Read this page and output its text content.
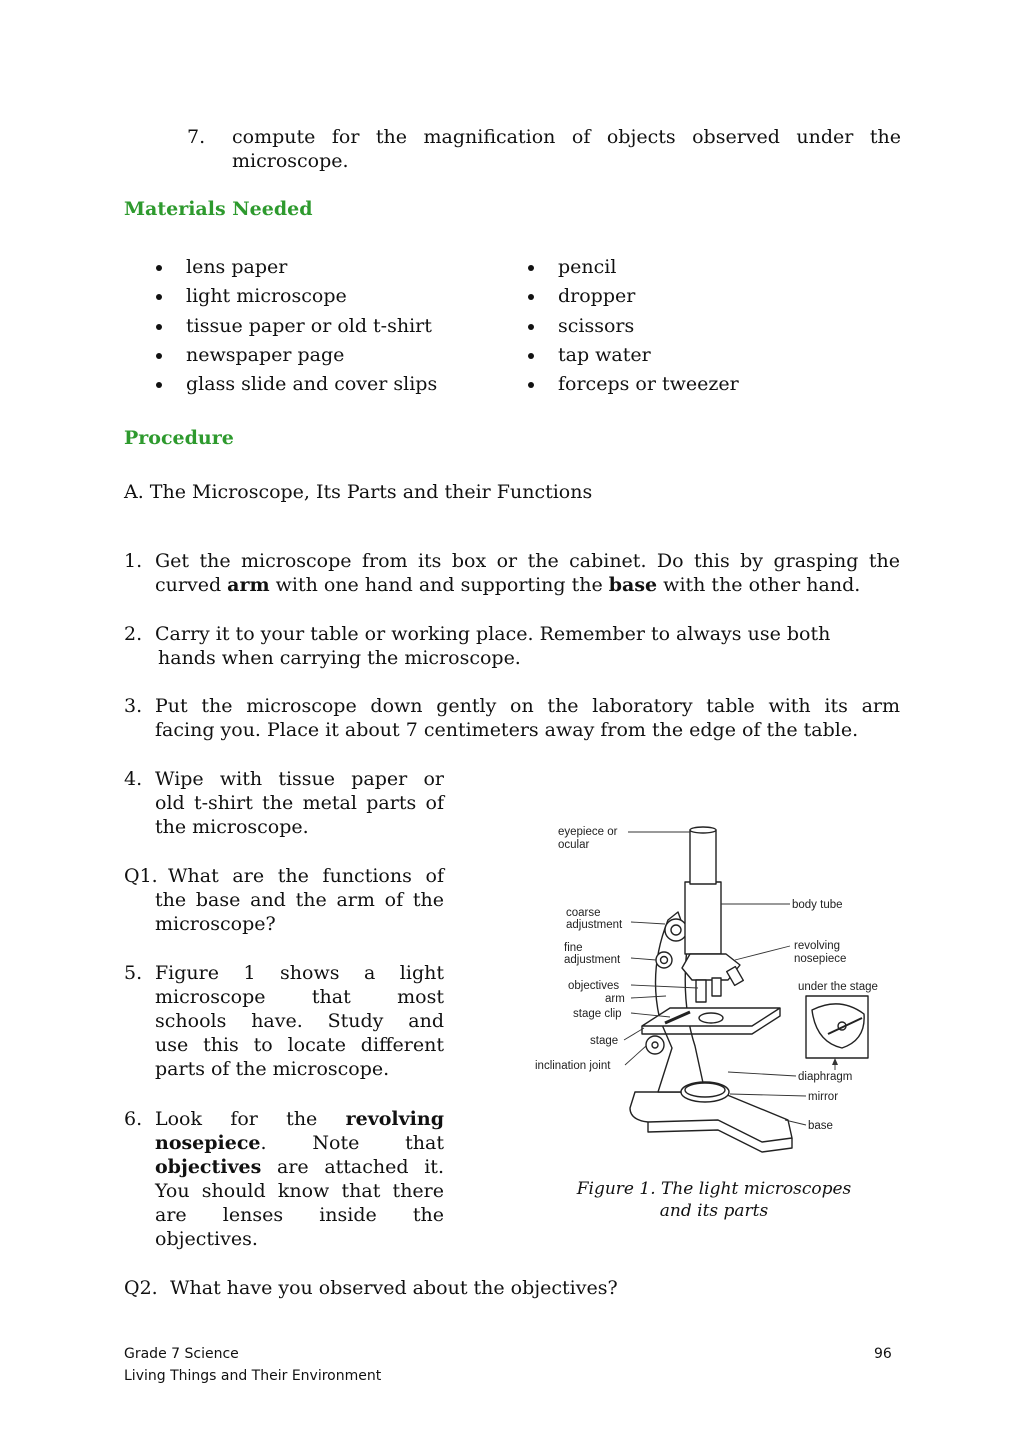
7. compute for the magnification of objects observed under the
microscope.
Materials Needed
lens paper
light microscope
tissue paper or old t-shirt
newspaper page
glass slide and cover slips
pencil
dropper
scissors
tap water
forceps or tweezer
Procedure
A. The Microscope, Its Parts and their Functions
1. Get the microscope from its box or the cabinet. Do this by grasping the
curved arm with one hand and supporting the base with the other hand.
2. Carry it to your table or working place. Remember to always use both
hands when carrying the microscope.
3. Put the microscope down gently on the laboratory table with its arm
facing you. Place it about 7 centimeters away from the edge of the table.
4. Wipe with tissue paper or
old t-shirt the metal parts of
the microscope.
Q1. What are the functions of
the base and the arm of the
microscope?
5. Figure 1 shows a light
microscope that most
schools have. Study and
use this to locate different
parts of the microscope.
6. Look for the revolving
nosepiece. Note that
objectives are attached it.
You should know that there
are lenses inside the
objectives.
Q2. What have you observed about the objectives?
eyepiece or
ocular
coarse
adjustment
fine
adjustment
objectives
arm
stage clip
stage
inclination joint
body tube
revolving
nosepiece
under the stage
diaphragm
mirror
base
Figure 1. The light microscopes
and its parts
Grade 7 Science
Living Things and Their Environment
96
